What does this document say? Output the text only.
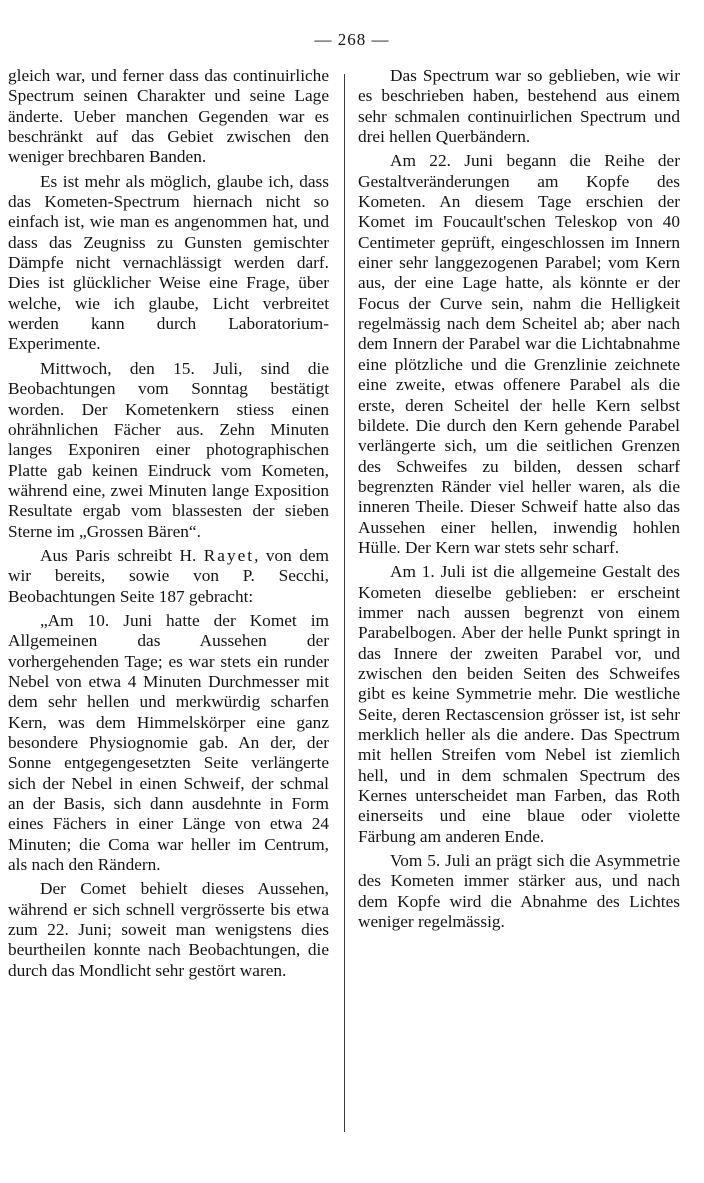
— 268 —

gleich war, und ferner dass das continuirliche Spectrum seinen Charakter und seine Lage änderte. Ueber manchen Gegenden war es beschränkt auf das Gebiet zwischen den weniger brechbaren Banden.

Es ist mehr als möglich, glaube ich, dass das Kometen-Spectrum hiernach nicht so einfach ist, wie man es angenommen hat, und dass das Zeugniss zu Gunsten gemischter Dämpfe nicht vernachlässigt werden darf. Dies ist glücklicher Weise eine Frage, über welche, wie ich glaube, Licht verbreitet werden kann durch Laboratorium-Experimente.

Mittwoch, den 15. Juli, sind die Beobachtungen vom Sonntag bestätigt worden. Der Kometenkern stiess einen ohrähnlichen Fächer aus. Zehn Minuten langes Exponiren einer photographischen Platte gab keinen Eindruck vom Kometen, während eine, zwei Minuten lange Exposition Resultate ergab vom blassesten der sieben Sterne im „Grossen Bären“.

Aus Paris schreibt H. Rayet, von dem wir bereits, sowie von P. Secchi, Beobachtungen Seite 187 gebracht:

„Am 10. Juni hatte der Komet im Allgemeinen das Aussehen der vorhergehenden Tage; es war stets ein runder Nebel von etwa 4 Minuten Durchmesser mit dem sehr hellen und merkwürdig scharfen Kern, was dem Himmelskörper eine ganz besondere Physiognomie gab. An der, der Sonne entgegengesetzten Seite verlängerte sich der Nebel in einen Schweif, der schmal an der Basis, sich dann ausdehnte in Form eines Fächers in einer Länge von etwa 24 Minuten; die Coma war heller im Centrum, als nach den Rändern.

Der Comet behielt dieses Aussehen, während er sich schnell vergrösserte bis etwa zum 22. Juni; soweit man wenigstens dies beurtheilen konnte nach Beobachtungen, die durch das Mondlicht sehr gestört waren.

Das Spectrum war so geblieben, wie wir es beschrieben haben, bestehend aus einem sehr schmalen continuirlichen Spectrum und drei hellen Querbändern.

Am 22. Juni begann die Reihe der Gestaltveränderungen am Kopfe des Kometen. An diesem Tage erschien der Komet im Foucault'schen Teleskop von 40 Centimeter geprüft, eingeschlossen im Innern einer sehr langgezogenen Parabel; vom Kern aus, der eine Lage hatte, als könnte er der Focus der Curve sein, nahm die Helligkeit regelmässig nach dem Scheitel ab; aber nach dem Innern der Parabel war die Lichtabnahme eine plötzliche und die Grenzlinie zeichnete eine zweite, etwas offenere Parabel als die erste, deren Scheitel der helle Kern selbst bildete. Die durch den Kern gehende Parabel verlängerte sich, um die seitlichen Grenzen des Schweifes zu bilden, dessen scharf begrenzten Ränder viel heller waren, als die inneren Theile. Dieser Schweif hatte also das Aussehen einer hellen, inwendig hohlen Hülle. Der Kern war stets sehr scharf.

Am 1. Juli ist die allgemeine Gestalt des Kometen dieselbe geblieben: er erscheint immer nach aussen begrenzt von einem Parabelbogen. Aber der helle Punkt springt in das Innere der zweiten Parabel vor, und zwischen den beiden Seiten des Schweifes gibt es keine Symmetrie mehr. Die westliche Seite, deren Rectascension grösser ist, ist sehr merklich heller als die andere. Das Spectrum mit hellen Streifen vom Nebel ist ziemlich hell, und in dem schmalen Spectrum des Kernes unterscheidet man Farben, das Roth einerseits und eine blaue oder violette Färbung am anderen Ende.

Vom 5. Juli an prägt sich die Asymmetrie des Kometen immer stärker aus, und nach dem Kopfe wird die Abnahme des Lichtes weniger regelmässig.
